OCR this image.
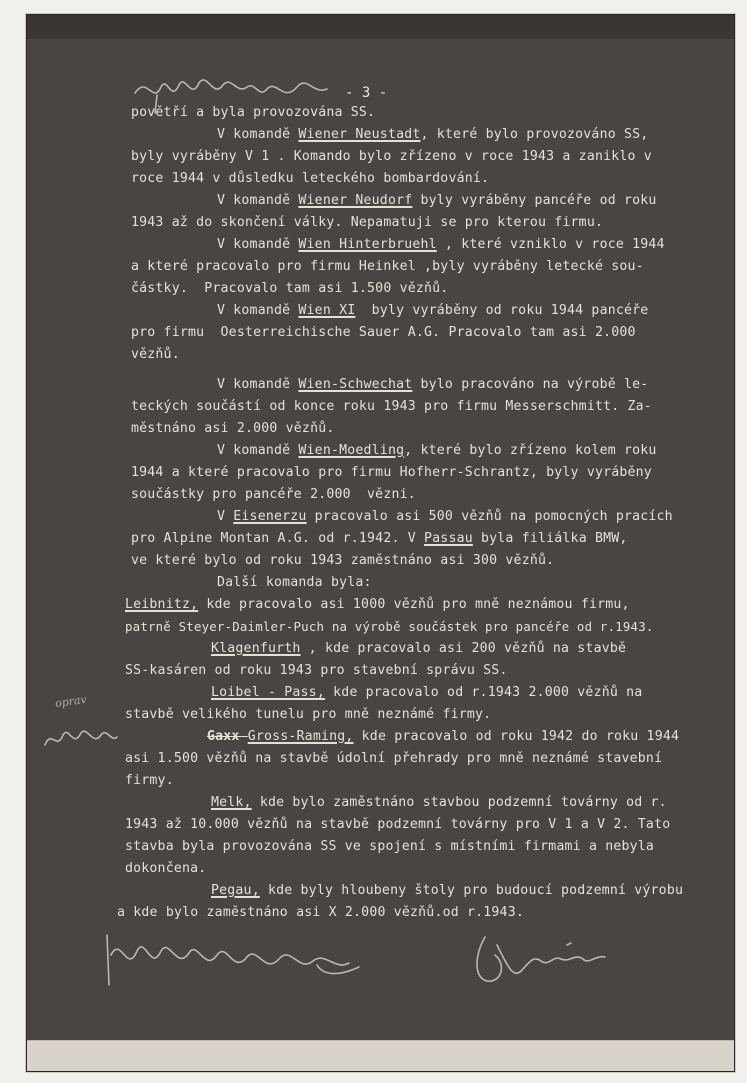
- 3 -
povětří a byla provozována SS.
V komandě Wiener Neustadt, které bylo provozováno SS,
byly vyráběny V 1 . Komando bylo zřízeno v roce 1943 a zaniklo v
roce 1944 v důsledku leteckého bombardování.
V komandě Wiener Neudorf byly vyráběny pancéře od roku
1943 až do skončení války. Nepamatuji se pro kterou firmu.
V komandě Wien Hinterbruehl , které vzniklo v roce 1944
a které pracovalo pro firmu Heinkel ,byly vyráběny letecké sou-
částky.  Pracovalo tam asi 1.500 vězňů.
V komandě Wien XI  byly vyráběny od roku 1944 pancéře
pro firmu  Oesterreichische Sauer A.G. Pracovalo tam asi 2.000
vězňů.
V komandě Wien-Schwechat bylo pracováno na výrobě le-
teckých součástí od konce roku 1943 pro firmu Messerschmitt. Za-
městnáno asi 2.000 vězňů.
V komandě Wien-Moedling, které bylo zřízeno kolem roku
1944 a které pracovalo pro firmu Hofherr-Schrantz, byly vyráběny
součástky pro pancéře 2.000  vězni.
V Eisenerzu pracovalo asi 500 vězňů na pomocných pracích
pro Alpine Montan A.G. od r.1942. V Passau byla filiálka BMW,
ve které bylo od roku 1943 zaměstnáno asi 300 vězňů.
Další komanda byla:
Leibnitz, kde pracovalo asi 1000 vězňů pro mně neznámou firmu,
patrně Steyer-Daimler-Puch na výrobě součástek pro pancéře od r.1943.
Klagenfurth , kde pracovalo asi 200 vězňů na stavbě
SS-kasáren od roku 1943 pro stavební správu SS.
Loibel - Pass, kde pracovalo od r.1943 2.000 vězňů na
stavbě velikého tunelu pro mně neznámé firmy.
Gaxx Gross-Raming, kde pracovalo od roku 1942 do roku 1944
asi 1.500 vězňů na stavbě údolní přehrady pro mně neznámé stavební
firmy.
Melk, kde bylo zaměstnáno stavbou podzemní továrny od r.
1943 až 10.000 vězňů na stavbě podzemní továrny pro V 1 a V 2. Tato
stavba byla provozována SS ve spojení s místními firmami a nebyla
dokončena.
Pegau, kde byly hloubeny štoly pro budoucí podzemní výrobu
a kde bylo zaměstnáno asi X 2.000 vězňů.od r.1943.
oprav
